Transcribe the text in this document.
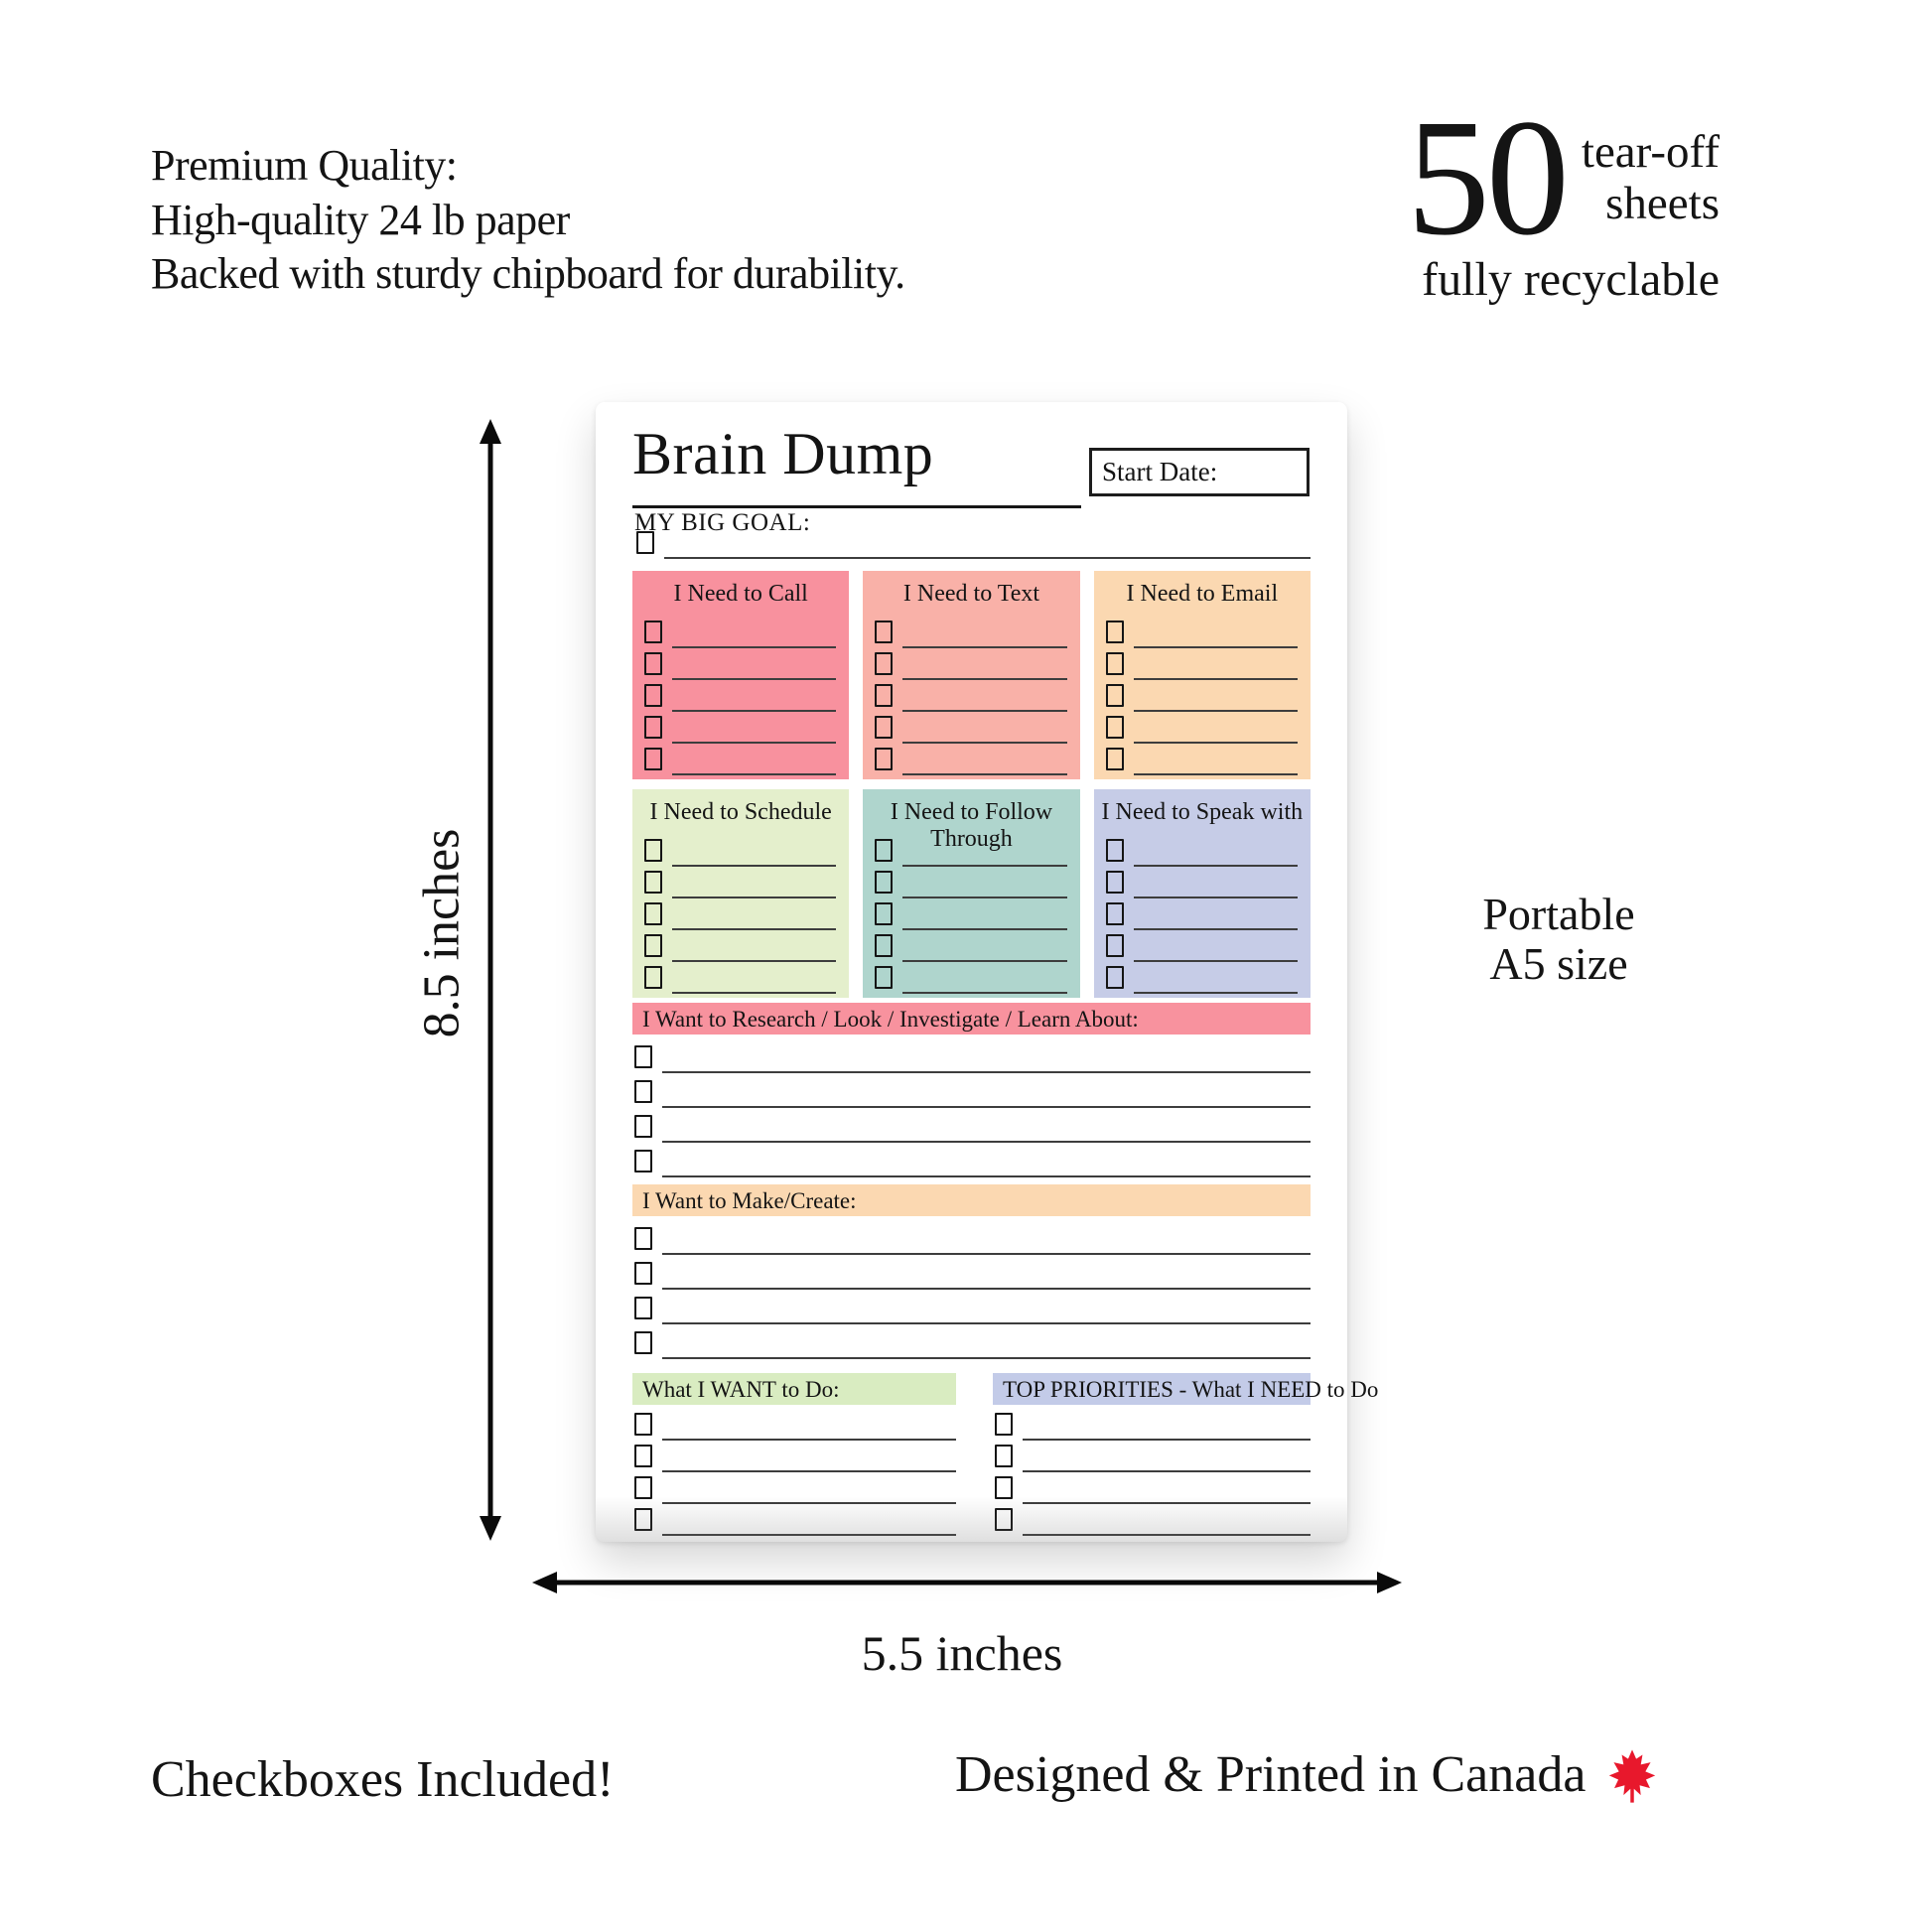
Premium Quality:
High-quality 24 lb paper
Backed with sturdy chipboard for durability.
50 tear-off
sheets
fully recyclable
8.5 inches
5.5 inches
Portable
A5 size
Brain Dump	Start Date:
MY BIG GOAL:
I Need to Call	I Need to Text	I Need to Email
I Need to Schedule	I Need to Follow Through
I Need to Speak with
I Want to Research / Look / Investigate / Learn About:
I Want to Make/Create:
What I WANT to Do:	TOP PRIORITIES - What I NEED to Do
Checkboxes Included!	Designed & Printed in Canada
